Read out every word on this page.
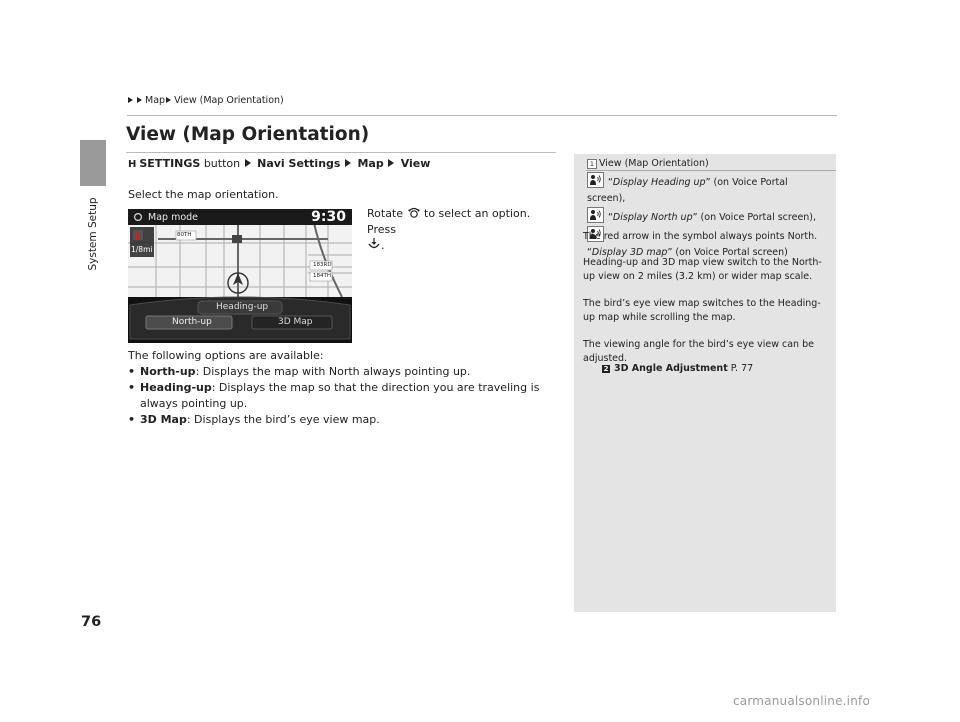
Map View (Map Orientation)
System Setup
View (Map Orientation)
H SETTINGS button Navi Settings Map View
Select the map orientation.
Map mode	9:30
1/8mi
80TH
183RD
184TH
Heading-up
North-up	3D Map
Rotate to select an option. Press
.
The following options are available:
• North-up: Displays the map with North always pointing up.
• Heading-up: Displays the map so that the direction you are traveling is always pointing up.
• 3D Map: Displays the bird’s eye view map.
1 View (Map Orientation)
“Display Heading up” (on Voice Portal screen),

“Display North up” (on Voice Portal screen),

“Display 3D map” (on Voice Portal screen)
The red arrow in the symbol always points North.
Heading-up and 3D map view switch to the North-up view on 2 miles (3.2 km) or wider map scale.
The bird’s eye view map switches to the Heading-up map while scrolling the map.
The viewing angle for the bird’s eye view can be adjusted.
2 3D Angle Adjustment P. 77
76
carmanualsonline.info
